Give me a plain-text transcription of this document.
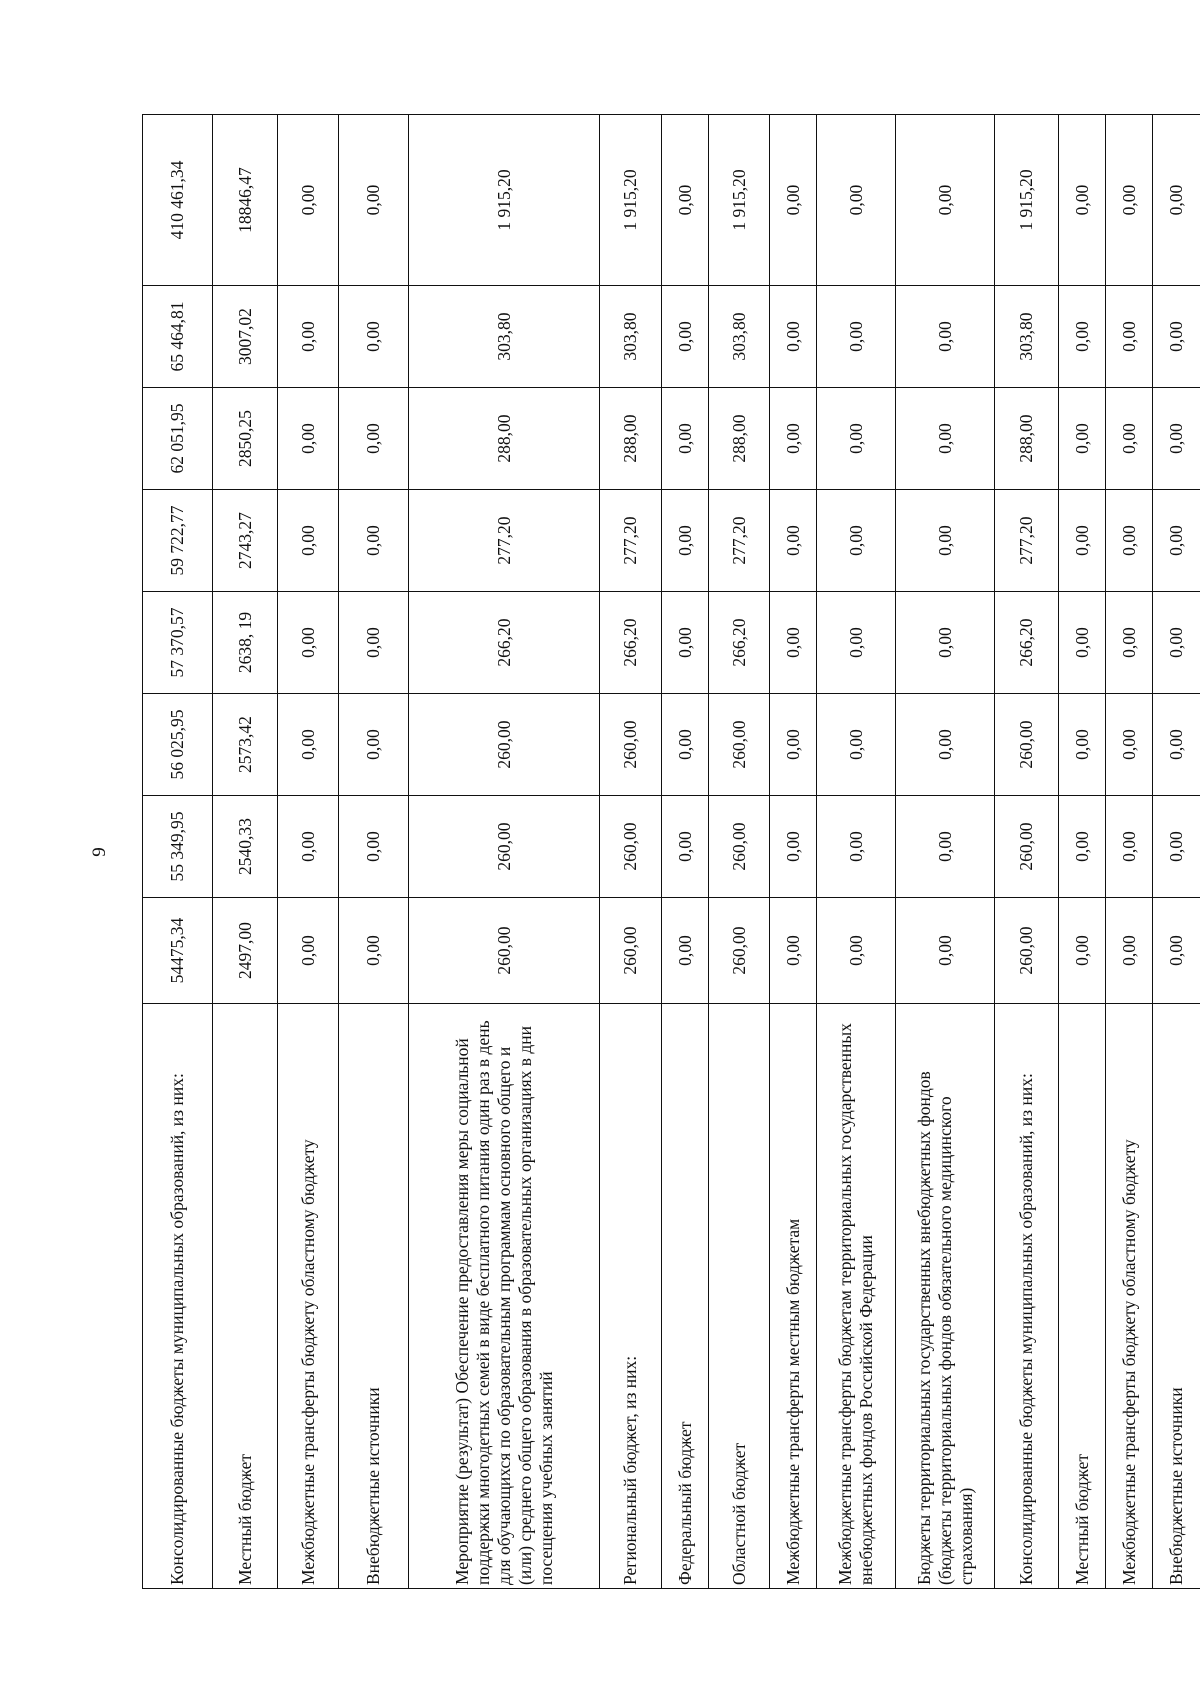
9
Консолидированные бюджеты муниципальных образований, из них:	54475,34	55 349,95	56 025,95	57 370,57	59 722,77	62 051,95	65 464,81	410 461,34
Местный бюджет	2497,00	2540,33	2573,42	2638, 19	2743,27	2850,25	3007,02	18846,47
Межбюджетные трансферты бюджету областному бюджету	0,00	0,00	0,00	0,00	0,00	0,00	0,00	0,00
Внебюджетные источники	0,00	0,00	0,00	0,00	0,00	0,00	0,00	0,00
Мероприятие (результат) Обеспечение предоставления меры социальной поддержки многодетных семей в виде бесплатного питания один раз в день для обучающихся по образовательным программам основного общего и (или) среднего общего образования в образовательных организациях в дни посещения учебных занятий	260,00	260,00	260,00	266,20	277,20	288,00	303,80	1 915,20
Региональный бюджет, из них:	260,00	260,00	260,00	266,20	277,20	288,00	303,80	1 915,20
Федеральный бюджет	0,00	0,00	0,00	0,00	0,00	0,00	0,00	0,00
Областной бюджет	260,00	260,00	260,00	266,20	277,20	288,00	303,80	1 915,20
Межбюджетные трансферты местным бюджетам	0,00	0,00	0,00	0,00	0,00	0,00	0,00	0,00
Межбюджетные трансферты бюджетам территориальных государственных внебюджетных фондов Российской Федерации	0,00	0,00	0,00	0,00	0,00	0,00	0,00	0,00
Бюджеты территориальных государственных внебюджетных фондов (бюджеты территориальных фондов обязательного медицинского страхования)	0,00	0,00	0,00	0,00	0,00	0,00	0,00	0,00
Консолидированные бюджеты муниципальных образований, из них:	260,00	260,00	260,00	266,20	277,20	288,00	303,80	1 915,20
Местный бюджет	0,00	0,00	0,00	0,00	0,00	0,00	0,00	0,00
Межбюджетные трансферты бюджету областному бюджету	0,00	0,00	0,00	0,00	0,00	0,00	0,00	0,00
Внебюджетные источники	0,00	0,00	0,00	0,00	0,00	0,00	0,00	0,00
